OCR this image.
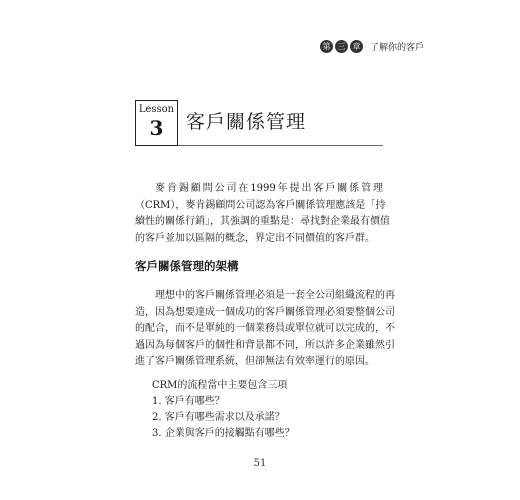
第 三 章 了解你的客戶
Lesson
3	客戶關係管理
麥肯錫顧問公司在1999年提出客戶關係管理
（CRM），麥肯錫顧問公司認為客戶關係管理應該是「持
續性的關係行銷」，其強調的重點是：尋找對企業最有價值
的客戶並加以區隔的概念，界定出不同價值的客戶群。
客戶關係管理的架構
理想中的客戶關係管理必須是一套全公司組織流程的再
造，因為想要達成一個成功的客戶關係管理必須要整個公司
的配合，而不是單純的一個業務員或單位就可以完成的，不
過因為每個客戶的個性和背景都不同，所以許多企業雖然引
進了客戶關係管理系統，但卻無法有效率運行的原因。
CRM的流程當中主要包含三項
1. 客戶有哪些？
2. 客戶有哪些需求以及承諾？
3. 企業與客戶的接觸點有哪些？
51
